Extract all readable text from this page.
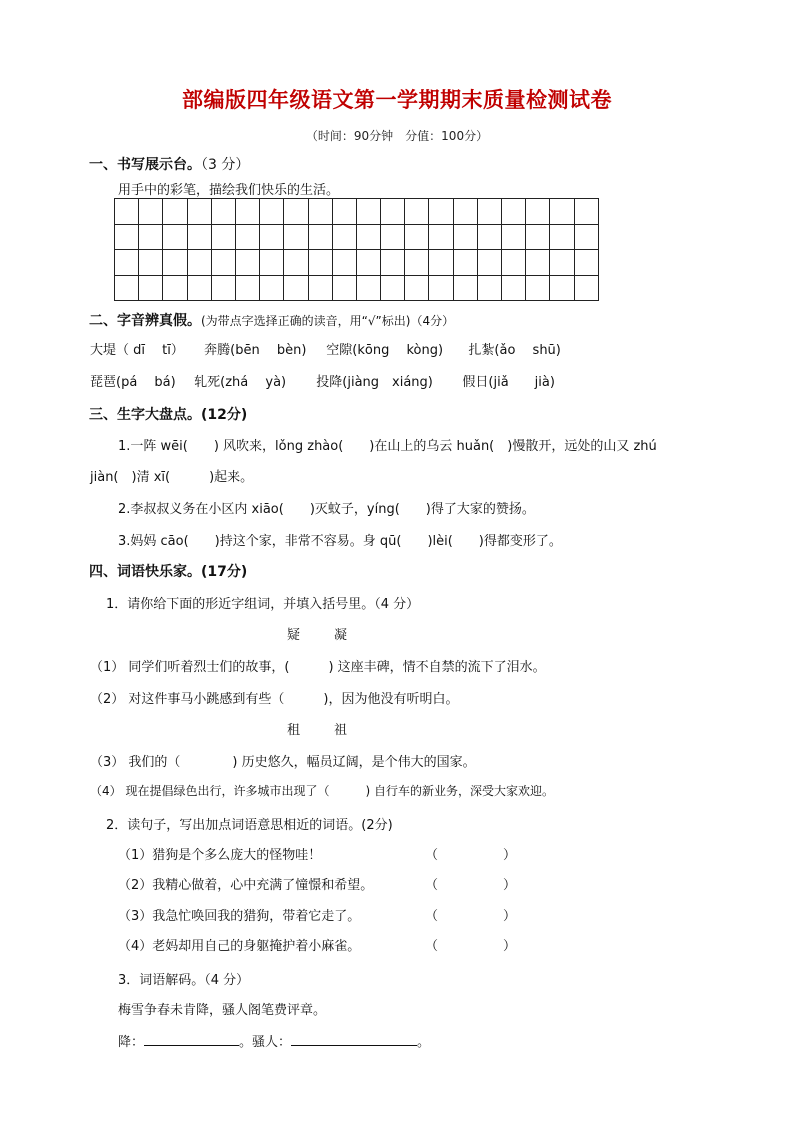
部编版四年级语文第一学期期末质量检测试卷
（时间：90分钟　分值：100分）
一、书写展示台。（3 分）
用手中的彩笔，描绘我们快乐的生活。
二、字音辨真假。(为带点字选择正确的读音，用“√”标出)（4分）
大堤（ dī　 tī） 奔腾(bēn　 bèn) 空隙(kōng　 kòng) 扎紮(ǎo　 shū)
琵琶(pá　 bá) 轧死(zhá　 yà) 投降(jiàng　xiáng) 假日(jiǎ　　jià)
三、生字大盘点。(12分)
1.一阵 wēi(　　) 风吹来，lǒng zhào(　　)在山上的乌云 huǎn(　)慢散开，远处的山又 zhú
jiàn(　)清 xī(　　　)起来。
2.李叔叔义务在小区内 xiāo(　　)灭蚊子，yíng(　　)得了大家的赞扬。
3.妈妈 cāo(　　)持这个家，非常不容易。身 qū(　　)lèi(　　)得都变形了。
四、词语快乐家。(17分)
1．请你给下面的形近字组词，并填入括号里。（4 分）
疑	凝
（1） 同学们听着烈士们的故事，(　　　) 这座丰碑，情不自禁的流下了泪水。
（2） 对这件事马小跳感到有些（　　　)，因为他没有听明白。
租	祖
（3） 我们的（　　　　) 历史悠久，幅员辽阔，是个伟大的国家。
（4） 现在提倡绿色出行，许多城市出现了（　　　) 自行车的新业务，深受大家欢迎。
2．读句子，写出加点词语意思相近的词语。(2分)
（1）猎狗是个多么庞大的怪物哇！	（　　　　　）
（2）我精心做着，心中充满了憧憬和希望。	（　　　　　）
（3）我急忙唤回我的猎狗，带着它走了。	（　　　　　）
（4）老妈却用自己的身躯掩护着小麻雀。	（　　　　　）
3．词语解码。（4 分）
梅雪争春未肯降，骚人阁笔费评章。
降：	。骚人：	。
